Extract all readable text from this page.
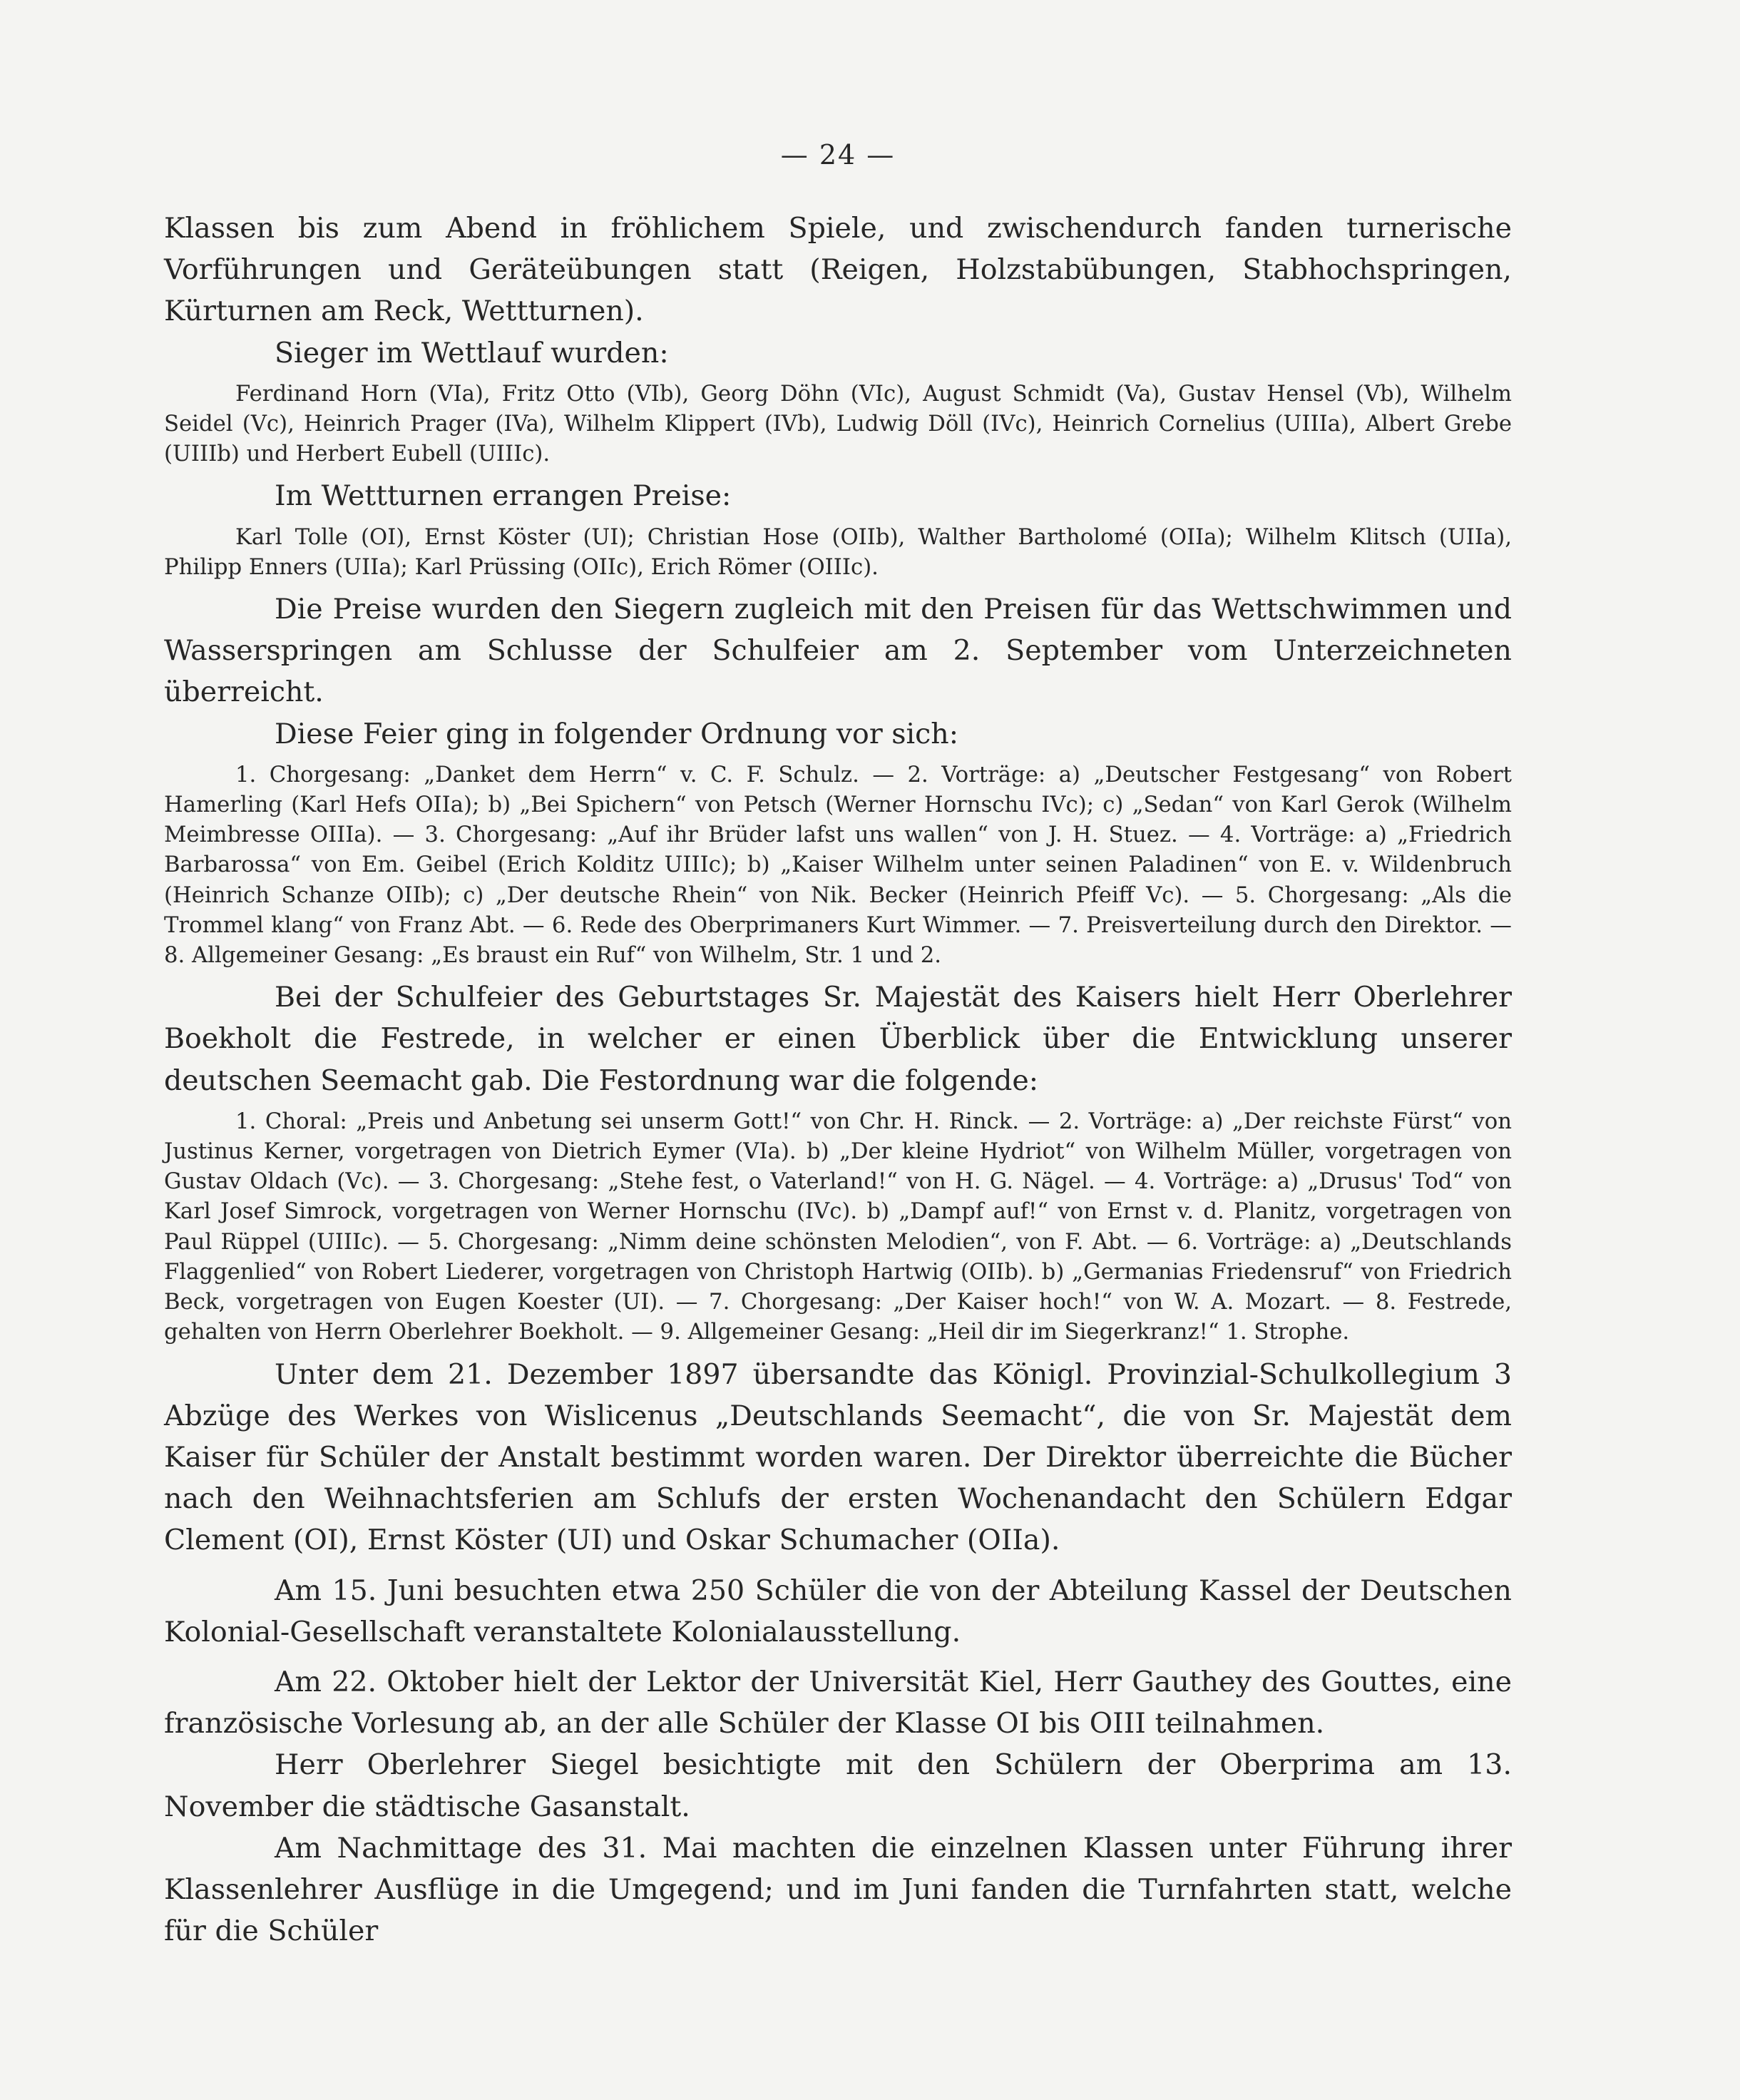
— 24 —

Klassen bis zum Abend in fröhlichem Spiele, und zwischendurch fanden turnerische Vorführungen und Geräteübungen statt (Reigen, Holzstabübungen, Stabhochspringen, Kürturnen am Reck, Wettturnen).

Sieger im Wettlauf wurden:

Ferdinand Horn (VIa), Fritz Otto (VIb), Georg Döhn (VIc), August Schmidt (Va), Gustav Hensel (Vb), Wilhelm Seidel (Vc), Heinrich Prager (IVa), Wilhelm Klippert (IVb), Ludwig Döll (IVc), Heinrich Cornelius (UIIIa), Albert Grebe (UIIIb) und Herbert Eubell (UIIIc).

Im Wettturnen errangen Preise:

Karl Tolle (OI), Ernst Köster (UI); Christian Hose (OIIb), Walther Bartholomé (OIIa); Wilhelm Klitsch (UIIa), Philipp Enners (UIIa); Karl Prüssing (OIIc), Erich Römer (OIIIc).

Die Preise wurden den Siegern zugleich mit den Preisen für das Wettschwimmen und Wasserspringen am Schlusse der Schulfeier am 2. September vom Unterzeichneten überreicht.

Diese Feier ging in folgender Ordnung vor sich:

1. Chorgesang: „Danket dem Herrn“ v. C. F. Schulz. — 2. Vorträge: a) „Deutscher Festgesang“ von Robert Hamerling (Karl Hefs OIIa); b) „Bei Spichern“ von Petsch (Werner Hornschu IVc); c) „Sedan“ von Karl Gerok (Wilhelm Meimbresse OIIIa). — 3. Chorgesang: „Auf ihr Brüder lafst uns wallen“ von J. H. Stuez. — 4. Vorträge: a) „Friedrich Barbarossa“ von Em. Geibel (Erich Kolditz UIIIc); b) „Kaiser Wilhelm unter seinen Paladinen“ von E. v. Wildenbruch (Heinrich Schanze OIIb); c) „Der deutsche Rhein“ von Nik. Becker (Heinrich Pfeiff Vc). — 5. Chorgesang: „Als die Trommel klang“ von Franz Abt. — 6. Rede des Oberprimaners Kurt Wimmer. — 7. Preisverteilung durch den Direktor. — 8. Allgemeiner Gesang: „Es braust ein Ruf“ von Wilhelm, Str. 1 und 2.

Bei der Schulfeier des Geburtstages Sr. Majestät des Kaisers hielt Herr Oberlehrer Boekholt die Festrede, in welcher er einen Überblick über die Entwicklung unserer deutschen Seemacht gab. Die Festordnung war die folgende:

1. Choral: „Preis und Anbetung sei unserm Gott!“ von Chr. H. Rinck. — 2. Vorträge: a) „Der reichste Fürst“ von Justinus Kerner, vorgetragen von Dietrich Eymer (VIa). b) „Der kleine Hydriot“ von Wilhelm Müller, vorgetragen von Gustav Oldach (Vc). — 3. Chorgesang: „Stehe fest, o Vaterland!“ von H. G. Nägel. — 4. Vorträge: a) „Drusus' Tod“ von Karl Josef Simrock, vorgetragen von Werner Hornschu (IVc). b) „Dampf auf!“ von Ernst v. d. Planitz, vorgetragen von Paul Rüppel (UIIIc). — 5. Chorgesang: „Nimm deine schönsten Melodien“, von F. Abt. — 6. Vorträge: a) „Deutschlands Flaggenlied“ von Robert Liederer, vorgetragen von Christoph Hartwig (OIIb). b) „Germanias Friedensruf“ von Friedrich Beck, vorgetragen von Eugen Koester (UI). — 7. Chorgesang: „Der Kaiser hoch!“ von W. A. Mozart. — 8. Festrede, gehalten von Herrn Oberlehrer Boekholt. — 9. Allgemeiner Gesang: „Heil dir im Siegerkranz!“ 1. Strophe.

Unter dem 21. Dezember 1897 übersandte das Königl. Provinzial-Schulkollegium 3 Abzüge des Werkes von Wislicenus „Deutschlands Seemacht“, die von Sr. Majestät dem Kaiser für Schüler der Anstalt bestimmt worden waren. Der Direktor überreichte die Bücher nach den Weihnachtsferien am Schlufs der ersten Wochenandacht den Schülern Edgar Clement (OI), Ernst Köster (UI) und Oskar Schumacher (OIIa).

Am 15. Juni besuchten etwa 250 Schüler die von der Abteilung Kassel der Deutschen Kolonial-Gesellschaft veranstaltete Kolonialausstellung.

Am 22. Oktober hielt der Lektor der Universität Kiel, Herr Gauthey des Gouttes, eine französische Vorlesung ab, an der alle Schüler der Klasse OI bis OIII teilnahmen.

Herr Oberlehrer Siegel besichtigte mit den Schülern der Oberprima am 13. November die städtische Gasanstalt.

Am Nachmittage des 31. Mai machten die einzelnen Klassen unter Führung ihrer Klassenlehrer Ausflüge in die Umgegend; und im Juni fanden die Turnfahrten statt, welche für die Schüler
